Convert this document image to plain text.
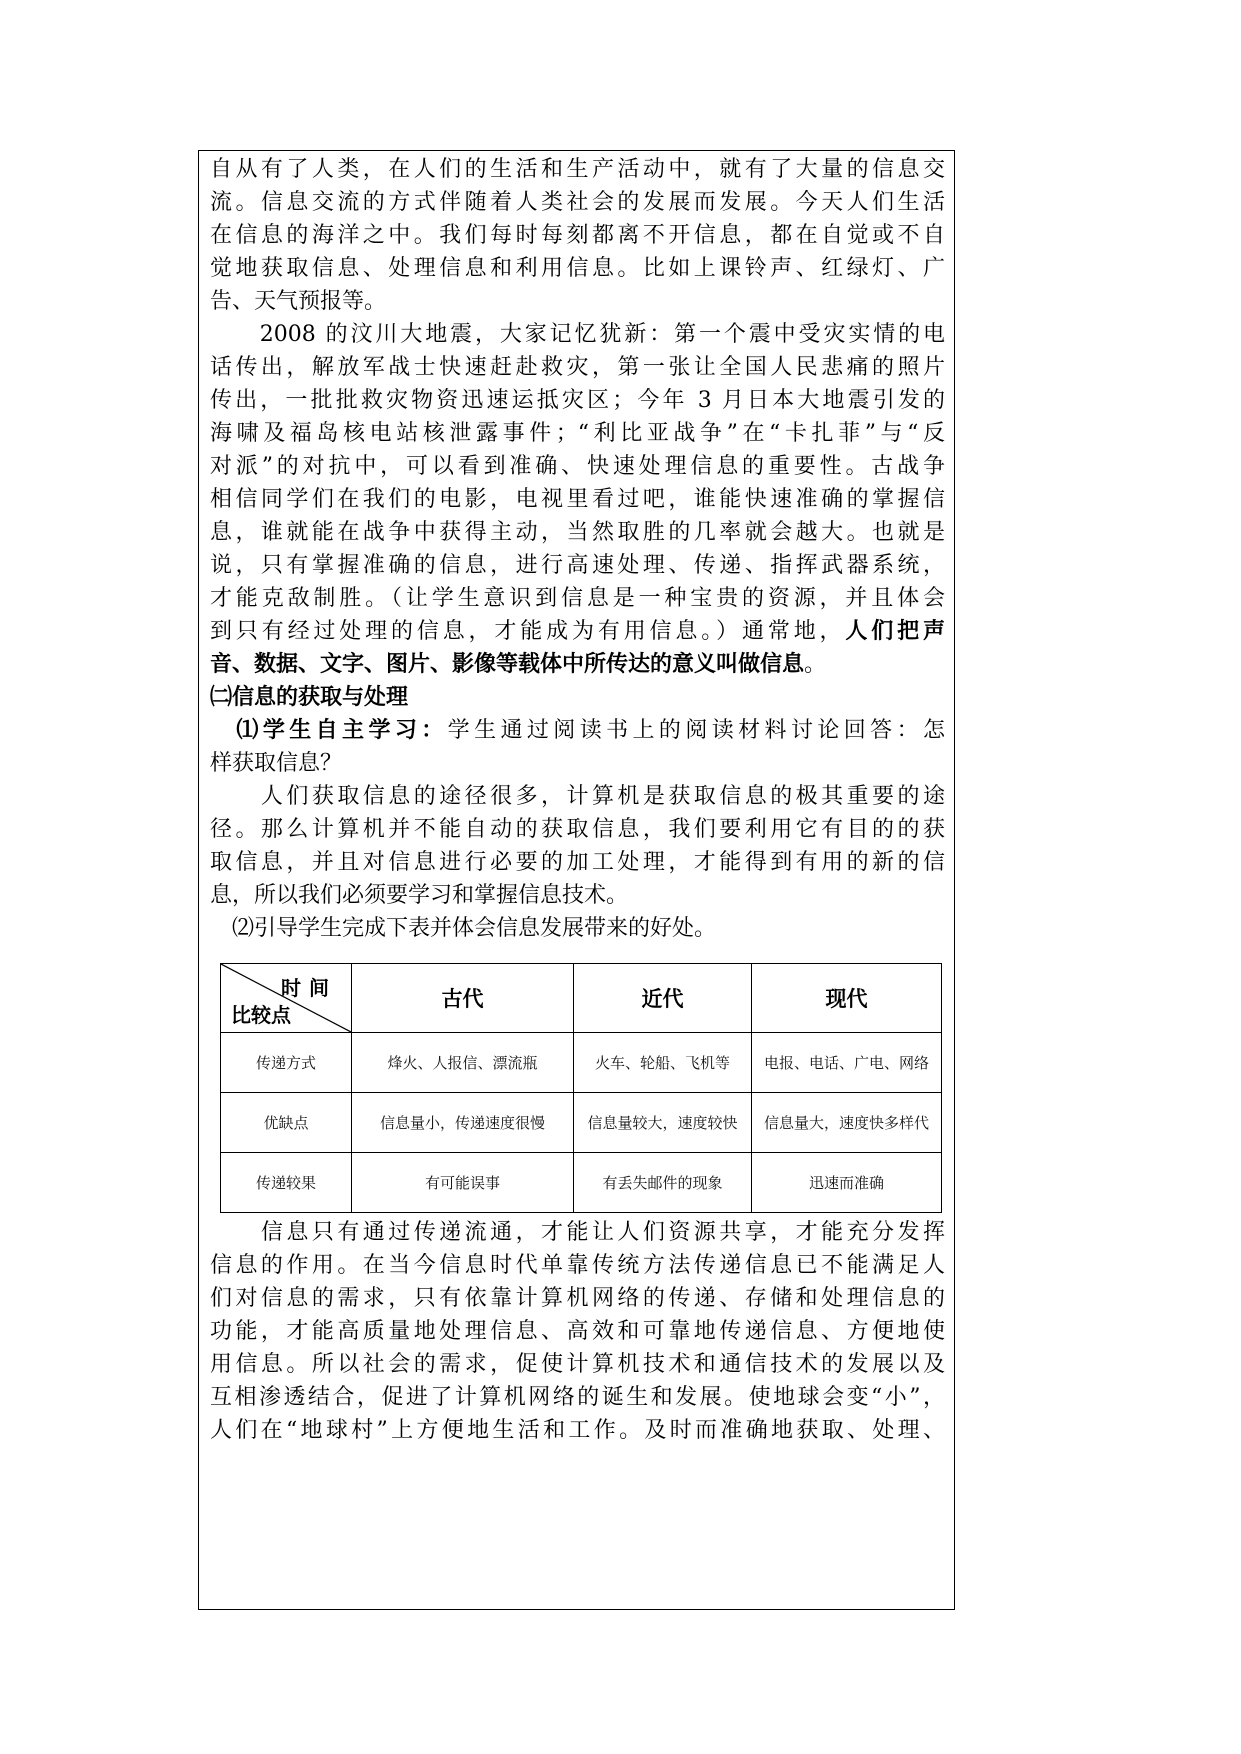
自从有了人类，在人们的生活和生产活动中，就有了大量的信息交
流。信息交流的方式伴随着人类社会的发展而发展。今天人们生活
在信息的海洋之中。我们每时每刻都离不开信息，都在自觉或不自
觉地获取信息、处理信息和利用信息。比如上课铃声、红绿灯、广
告、天气预报等。
　　2008 的汶川大地震，大家记忆犹新：第一个震中受灾实情的电
话传出，解放军战士快速赶赴救灾，第一张让全国人民悲痛的照片
传出，一批批救灾物资迅速运抵灾区；今年 3 月日本大地震引发的
海啸及福岛核电站核泄露事件；“利比亚战争”在“卡扎菲”与“反
对派”的对抗中，可以看到准确、快速处理信息的重要性。古战争
相信同学们在我们的电影，电视里看过吧，谁能快速准确的掌握信
息，谁就能在战争中获得主动，当然取胜的几率就会越大。也就是
说，只有掌握准确的信息，进行高速处理、传递、指挥武器系统，
才能克敌制胜。（让学生意识到信息是一种宝贵的资源，并且体会
到只有经过处理的信息，才能成为有用信息。）通常地，人们把声
音、数据、文字、图片、影像等载体中所传达的意义叫做信息。
㈡信息的获取与处理
　⑴学生自主学习：学生通过阅读书上的阅读材料讨论回答：怎
样获取信息？
　　人们获取信息的途径很多，计算机是获取信息的极其重要的途
径。那么计算机并不能自动的获取信息，我们要利用它有目的的获
取信息，并且对信息进行必要的加工处理，才能得到有用的新的信
息，所以我们必须要学习和掌握信息技术。
　⑵引导学生完成下表并体会信息发展带来的好处。
时间
比较点	古代	近代	现代
传递方式	烽火、人报信、漂流瓶	火车、轮船、飞机等	电报、电话、广电、网络
优缺点	信息量小，传递速度很慢	信息量较大，速度较快	信息量大，速度快多样代
传递较果	有可能误事	有丢失邮件的现象	迅速而准确
　　信息只有通过传递流通，才能让人们资源共享，才能充分发挥
信息的作用。在当今信息时代单靠传统方法传递信息已不能满足人
们对信息的需求，只有依靠计算机网络的传递、存储和处理信息的
功能，才能高质量地处理信息、高效和可靠地传递信息、方便地使
用信息。所以社会的需求，促使计算机技术和通信技术的发展以及
互相渗透结合，促进了计算机网络的诞生和发展。使地球会变“小”，
人们在“地球村”上方便地生活和工作。及时而准确地获取、处理、
